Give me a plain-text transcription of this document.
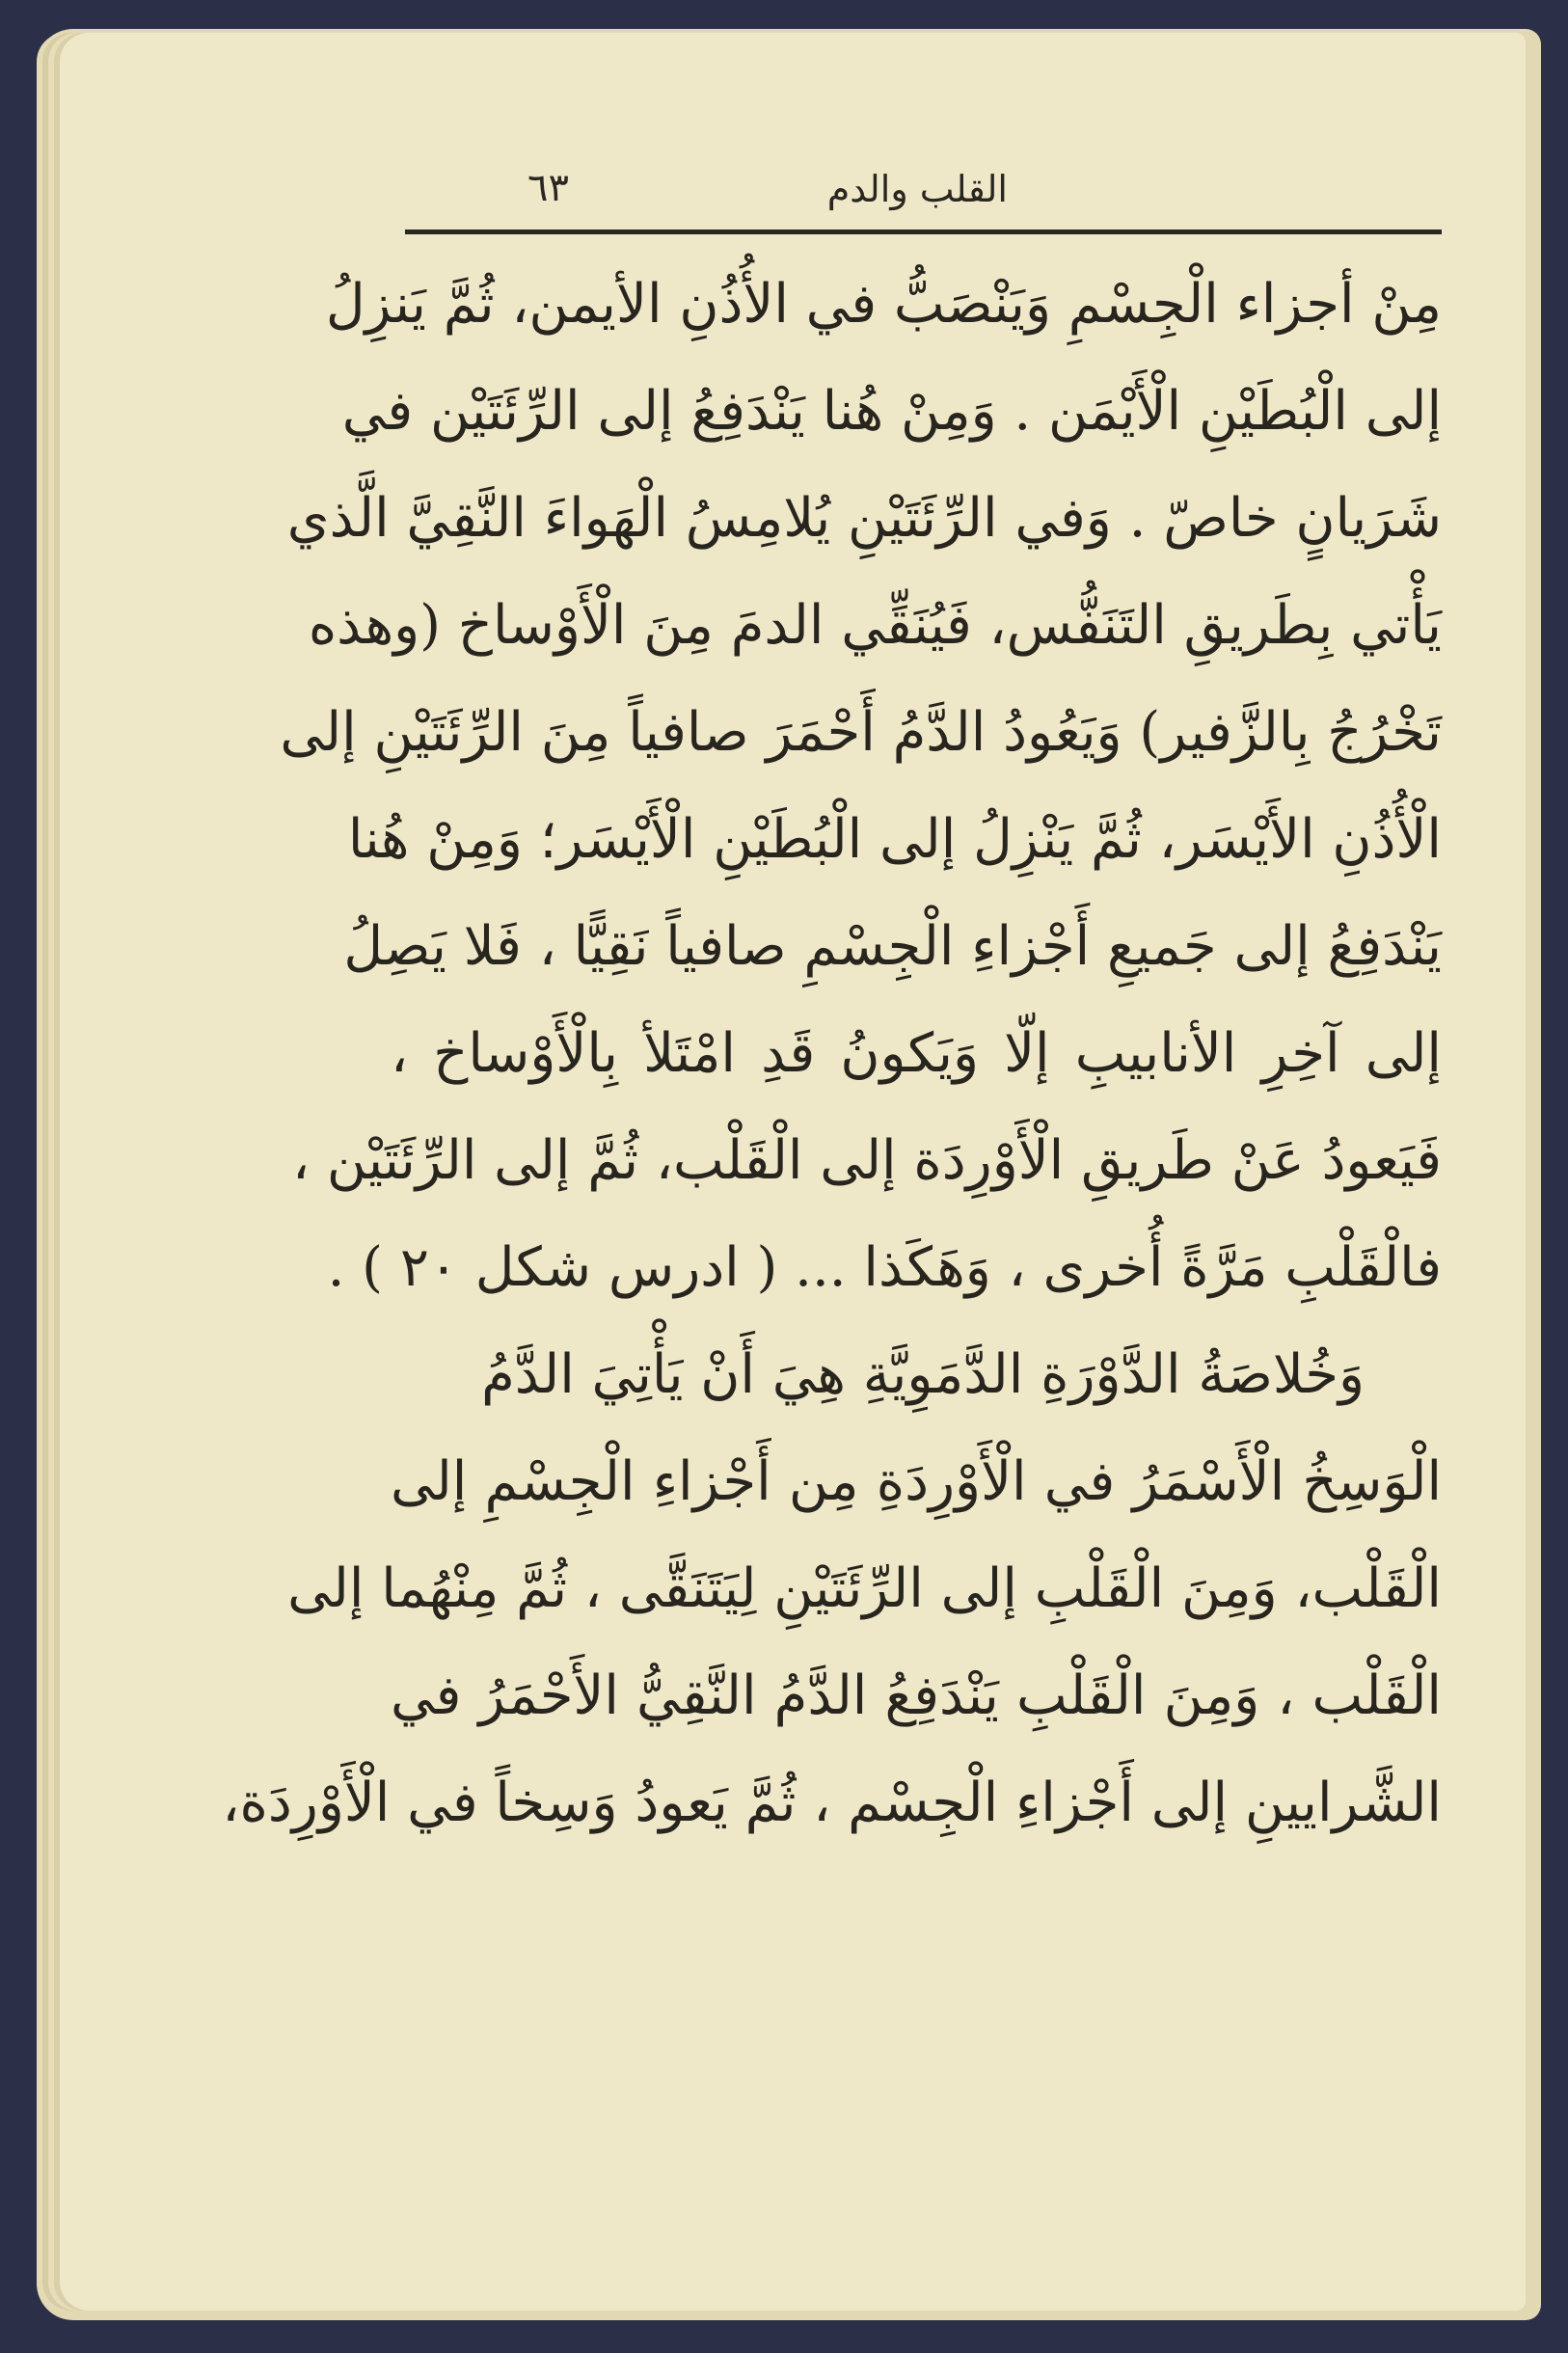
القلب والدم
٦٣
مِنْ أجزاء الْجِسْمِ وَيَنْصَبُّ في الأُذُنِ الأيمن، ثُمَّ يَنزِلُ
إلى الْبُطَيْنِ الْأَيْمَن . وَمِنْ هُنا يَنْدَفِعُ إلى الرِّئَتَيْن في
شَرَيانٍ خاصّ . وَفي الرِّئَتَيْنِ يُلامِسُ الْهَواءَ النَّقِيَّ الَّذي
يَأْتي بِطَريقِ التَنَفُّس، فَيُنَقِّي الدمَ مِنَ الْأَوْساخ (وهذه
تَخْرُجُ بِالزَّفير) وَيَعُودُ الدَّمُ أَحْمَرَ صافياً مِنَ الرِّئَتَيْنِ إلى
الْأُذُنِ الأَيْسَر، ثُمَّ يَنْزِلُ إلى الْبُطَيْنِ الْأَيْسَر؛ وَمِنْ هُنا
يَنْدَفِعُ إلى جَميعِ أَجْزاءِ الْجِسْمِ صافياً نَقِيًّا ، فَلا يَصِلُ
إلى آخِرِ الأنابيبِ إلّا وَيَكونُ قَدِ امْتَلأ بِالْأَوْساخ ،
فَيَعودُ عَنْ طَريقِ الْأَوْرِدَة إلى الْقَلْب، ثُمَّ إلى الرِّئَتَيْن ،
فالْقَلْبِ مَرَّةً أُخرى ، وَهَكَذا ... ( ادرس شكل ٢٠ ) .
وَخُلاصَةُ الدَّوْرَةِ الدَّمَوِيَّةِ هِيَ أَنْ يَأْتِيَ الدَّمُ
الْوَسِخُ الْأَسْمَرُ في الْأَوْرِدَةِ مِن أَجْزاءِ الْجِسْمِ إلى
الْقَلْب، وَمِنَ الْقَلْبِ إلى الرِّئَتَيْنِ لِيَتَنَقَّى ، ثُمَّ مِنْهُما إلى
الْقَلْب ، وَمِنَ الْقَلْبِ يَنْدَفِعُ الدَّمُ النَّقِيُّ الأَحْمَرُ في
الشَّرايينِ إلى أَجْزاءِ الْجِسْم ، ثُمَّ يَعودُ وَسِخاً في الْأَوْرِدَة،
